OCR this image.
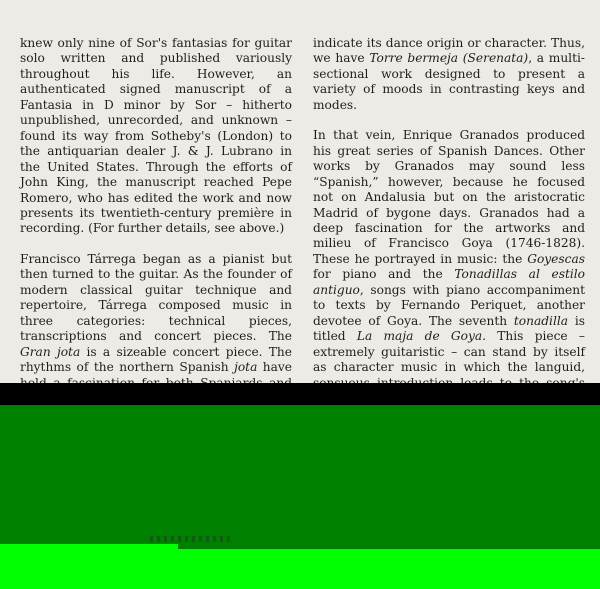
knew only nine of Sor's fantasias for guitar solo written and published variously throughout his life. However, an authenticated signed manuscript of a Fantasia in D minor by Sor – hitherto unpublished, unrecorded, and unknown – found its way from Sotheby's (London) to the antiquarian dealer J. & J. Lubrano in the United States. Through the efforts of John King, the manuscript reached Pepe Romero, who has edited the work and now presents its twentieth-century première in recording. (For further details, see above.)

Francisco Tárrega began as a pianist but then turned to the guitar. As the founder of modern classical guitar technique and repertoire, Tárrega composed music in three categories: technical pieces, transcriptions and concert pieces. The Gran jota is a sizeable concert piece. The rhythms of the northern Spanish jota have

indicate its dance origin or character. Thus, we have Torre bermeja (Serenata), a multi-sectional work designed to present a variety of moods in contrasting keys and modes.

In that vein, Enrique Granados produced his great series of Spanish Dances. Other works by Granados may sound less “Spanish,” however, because he focused not on Andalusia but on the aristocratic Madrid of bygone days. Granados had a deep fascination for the artworks and milieu of Francisco Goya (1746-1828). These he portrayed in music: the Goyescas for piano and the Tonadillas al estilo antiguo, songs with piano accompaniment to texts by Fernando Periquet, another devotee of Goya. The seventh tonadilla is titled La maja de Goya. This piece –extremely guitaristic – can stand by itself as character music in which the languid,
